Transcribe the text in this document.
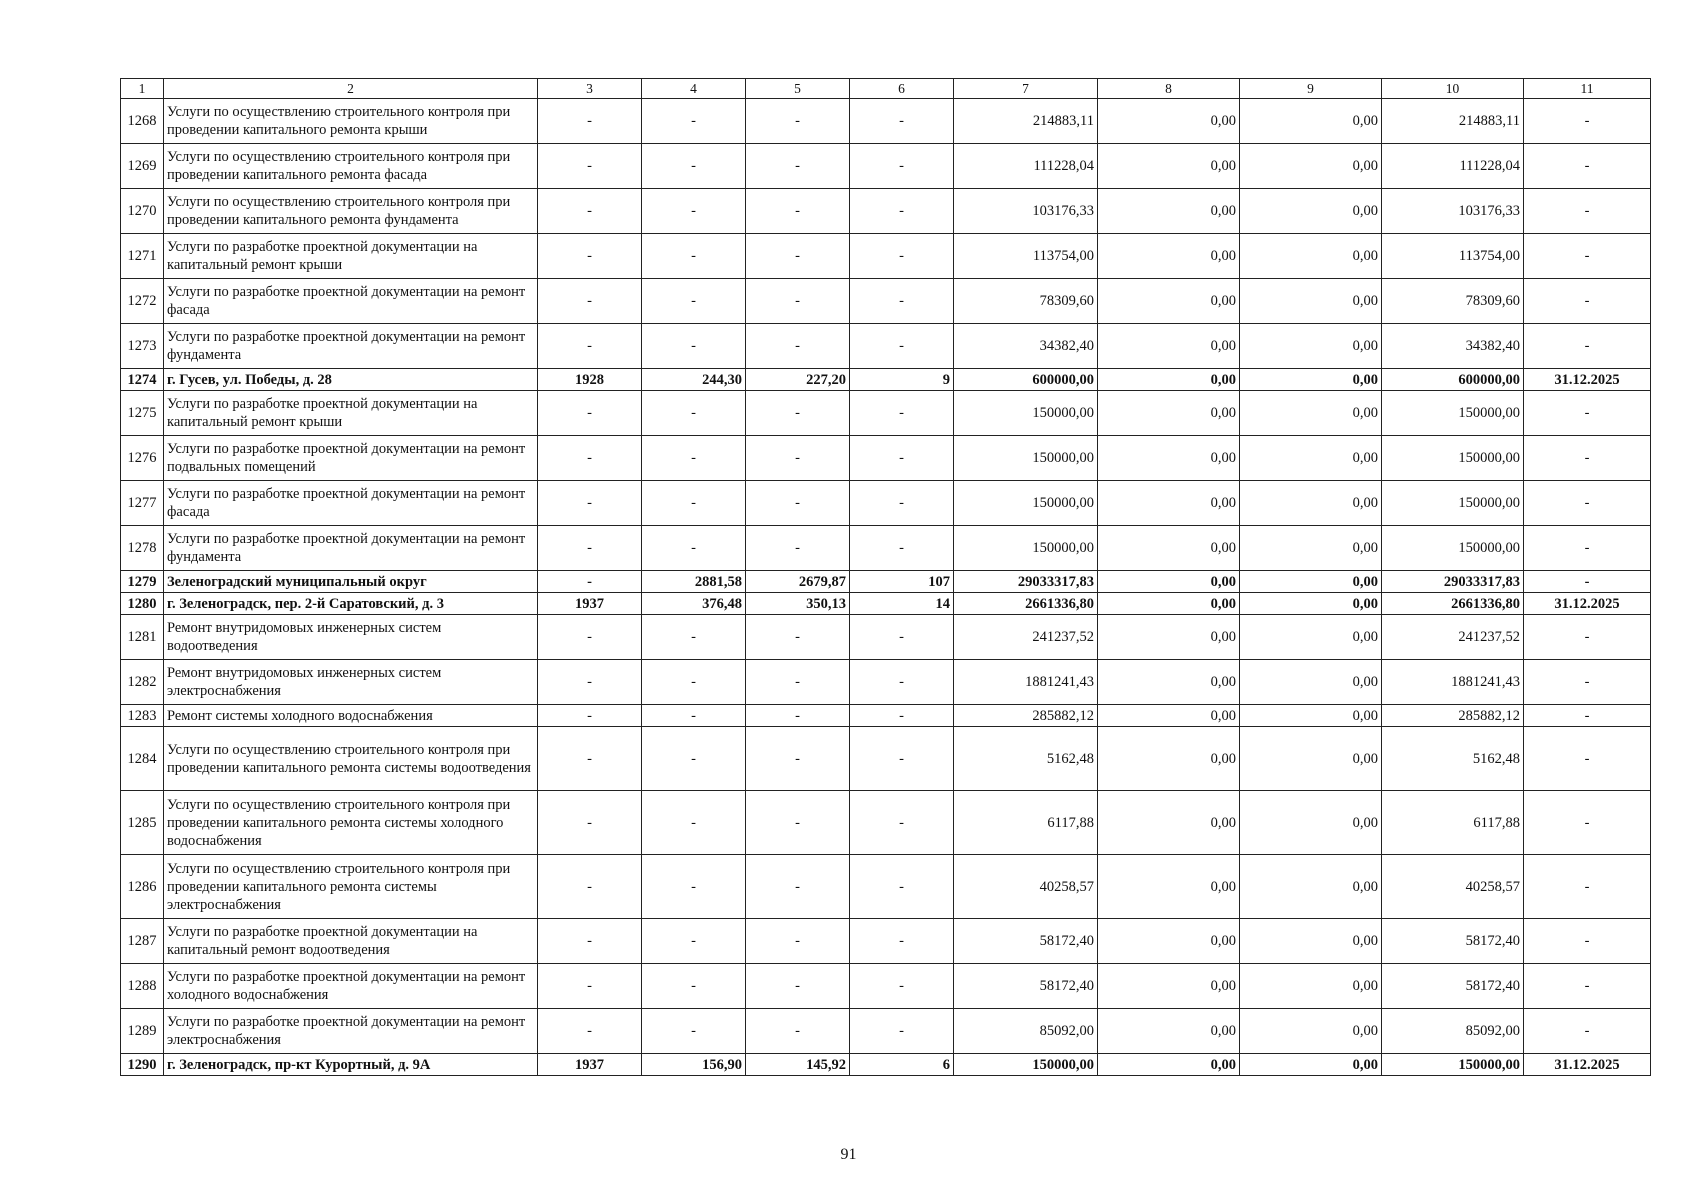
1	2	3	4	5	6	7	8	9	10	11
1268	Услуги по осуществлению строительного контроля при проведении капитального ремонта крыши	-	-	-	-	214883,11	0,00	0,00	214883,11	-
1269	Услуги по осуществлению строительного контроля при проведении капитального ремонта фасада	-	-	-	-	111228,04	0,00	0,00	111228,04	-
1270	Услуги по осуществлению строительного контроля при проведении капитального ремонта фундамента	-	-	-	-	103176,33	0,00	0,00	103176,33	-
1271	Услуги по разработке проектной документации на капитальный ремонт крыши	-	-	-	-	113754,00	0,00	0,00	113754,00	-
1272	Услуги по разработке проектной документации на ремонт фасада	-	-	-	-	78309,60	0,00	0,00	78309,60	-
1273	Услуги по разработке проектной документации на ремонт фундамента	-	-	-	-	34382,40	0,00	0,00	34382,40	-
1274	г. Гусев, ул. Победы, д. 28	1928	244,30	227,20	9	600000,00	0,00	0,00	600000,00	31.12.2025
1275	Услуги по разработке проектной документации на капитальный ремонт крыши	-	-	-	-	150000,00	0,00	0,00	150000,00	-
1276	Услуги по разработке проектной документации на ремонт подвальных помещений	-	-	-	-	150000,00	0,00	0,00	150000,00	-
1277	Услуги по разработке проектной документации на ремонт фасада	-	-	-	-	150000,00	0,00	0,00	150000,00	-
1278	Услуги по разработке проектной документации на ремонт фундамента	-	-	-	-	150000,00	0,00	0,00	150000,00	-
1279	Зеленоградский муниципальный округ	-	2881,58	2679,87	107	29033317,83	0,00	0,00	29033317,83	-
1280	г. Зеленоградск, пер. 2-й Саратовский, д. 3	1937	376,48	350,13	14	2661336,80	0,00	0,00	2661336,80	31.12.2025
1281	Ремонт внутридомовых инженерных систем водоотведения	-	-	-	-	241237,52	0,00	0,00	241237,52	-
1282	Ремонт внутридомовых инженерных систем электроснабжения	-	-	-	-	1881241,43	0,00	0,00	1881241,43	-
1283	Ремонт системы холодного водоснабжения	-	-	-	-	285882,12	0,00	0,00	285882,12	-
1284	Услуги по осуществлению строительного контроля при проведении капитального ремонта системы водоотведения	-	-	-	-	5162,48	0,00	0,00	5162,48	-
1285	Услуги по осуществлению строительного контроля при проведении капитального ремонта системы холодного водоснабжения	-	-	-	-	6117,88	0,00	0,00	6117,88	-
1286	Услуги по осуществлению строительного контроля при проведении капитального ремонта системы электроснабжения	-	-	-	-	40258,57	0,00	0,00	40258,57	-
1287	Услуги по разработке проектной документации на капитальный ремонт водоотведения	-	-	-	-	58172,40	0,00	0,00	58172,40	-
1288	Услуги по разработке проектной документации на ремонт холодного водоснабжения	-	-	-	-	58172,40	0,00	0,00	58172,40	-
1289	Услуги по разработке проектной документации на ремонт электроснабжения	-	-	-	-	85092,00	0,00	0,00	85092,00	-
1290	г. Зеленоградск, пр-кт Курортный, д. 9А	1937	156,90	145,92	6	150000,00	0,00	0,00	150000,00	31.12.2025
91
